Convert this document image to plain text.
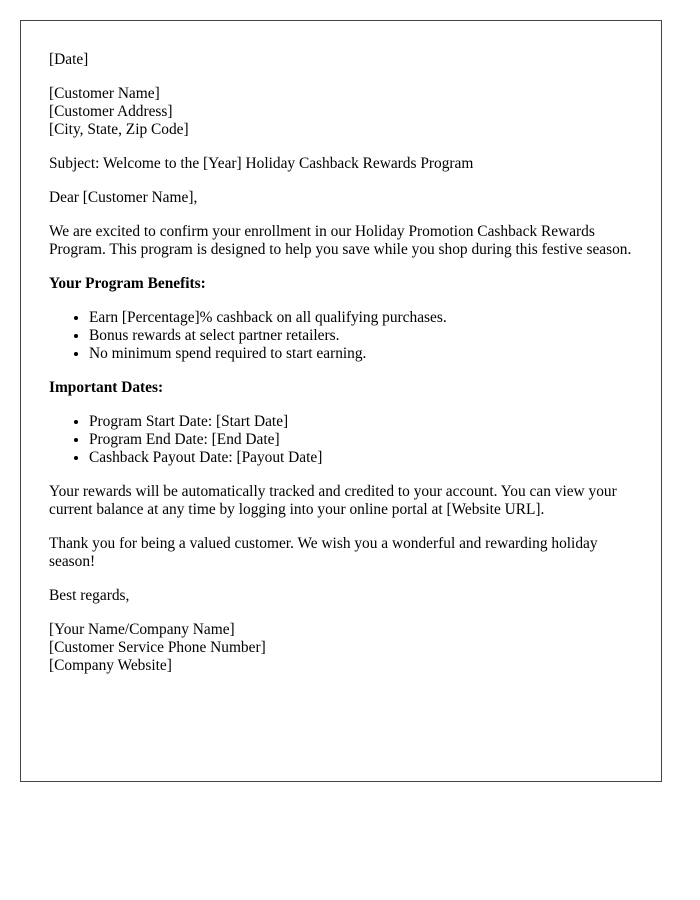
[Date]

[Customer Name]
[Customer Address]
[City, State, Zip Code]

Subject: Welcome to the [Year] Holiday Cashback Rewards Program

Dear [Customer Name],

We are excited to confirm your enrollment in our Holiday Promotion Cashback Rewards Program. This program is designed to help you save while you shop during this festive season.

Your Program Benefits:

• Earn [Percentage]% cashback on all qualifying purchases.
• Bonus rewards at select partner retailers.
• No minimum spend required to start earning.

Important Dates:

• Program Start Date: [Start Date]
• Program End Date: [End Date]
• Cashback Payout Date: [Payout Date]

Your rewards will be automatically tracked and credited to your account. You can view your current balance at any time by logging into your online portal at [Website URL].

Thank you for being a valued customer. We wish you a wonderful and rewarding holiday season!

Best regards,

[Your Name/Company Name]
[Customer Service Phone Number]
[Company Website]
